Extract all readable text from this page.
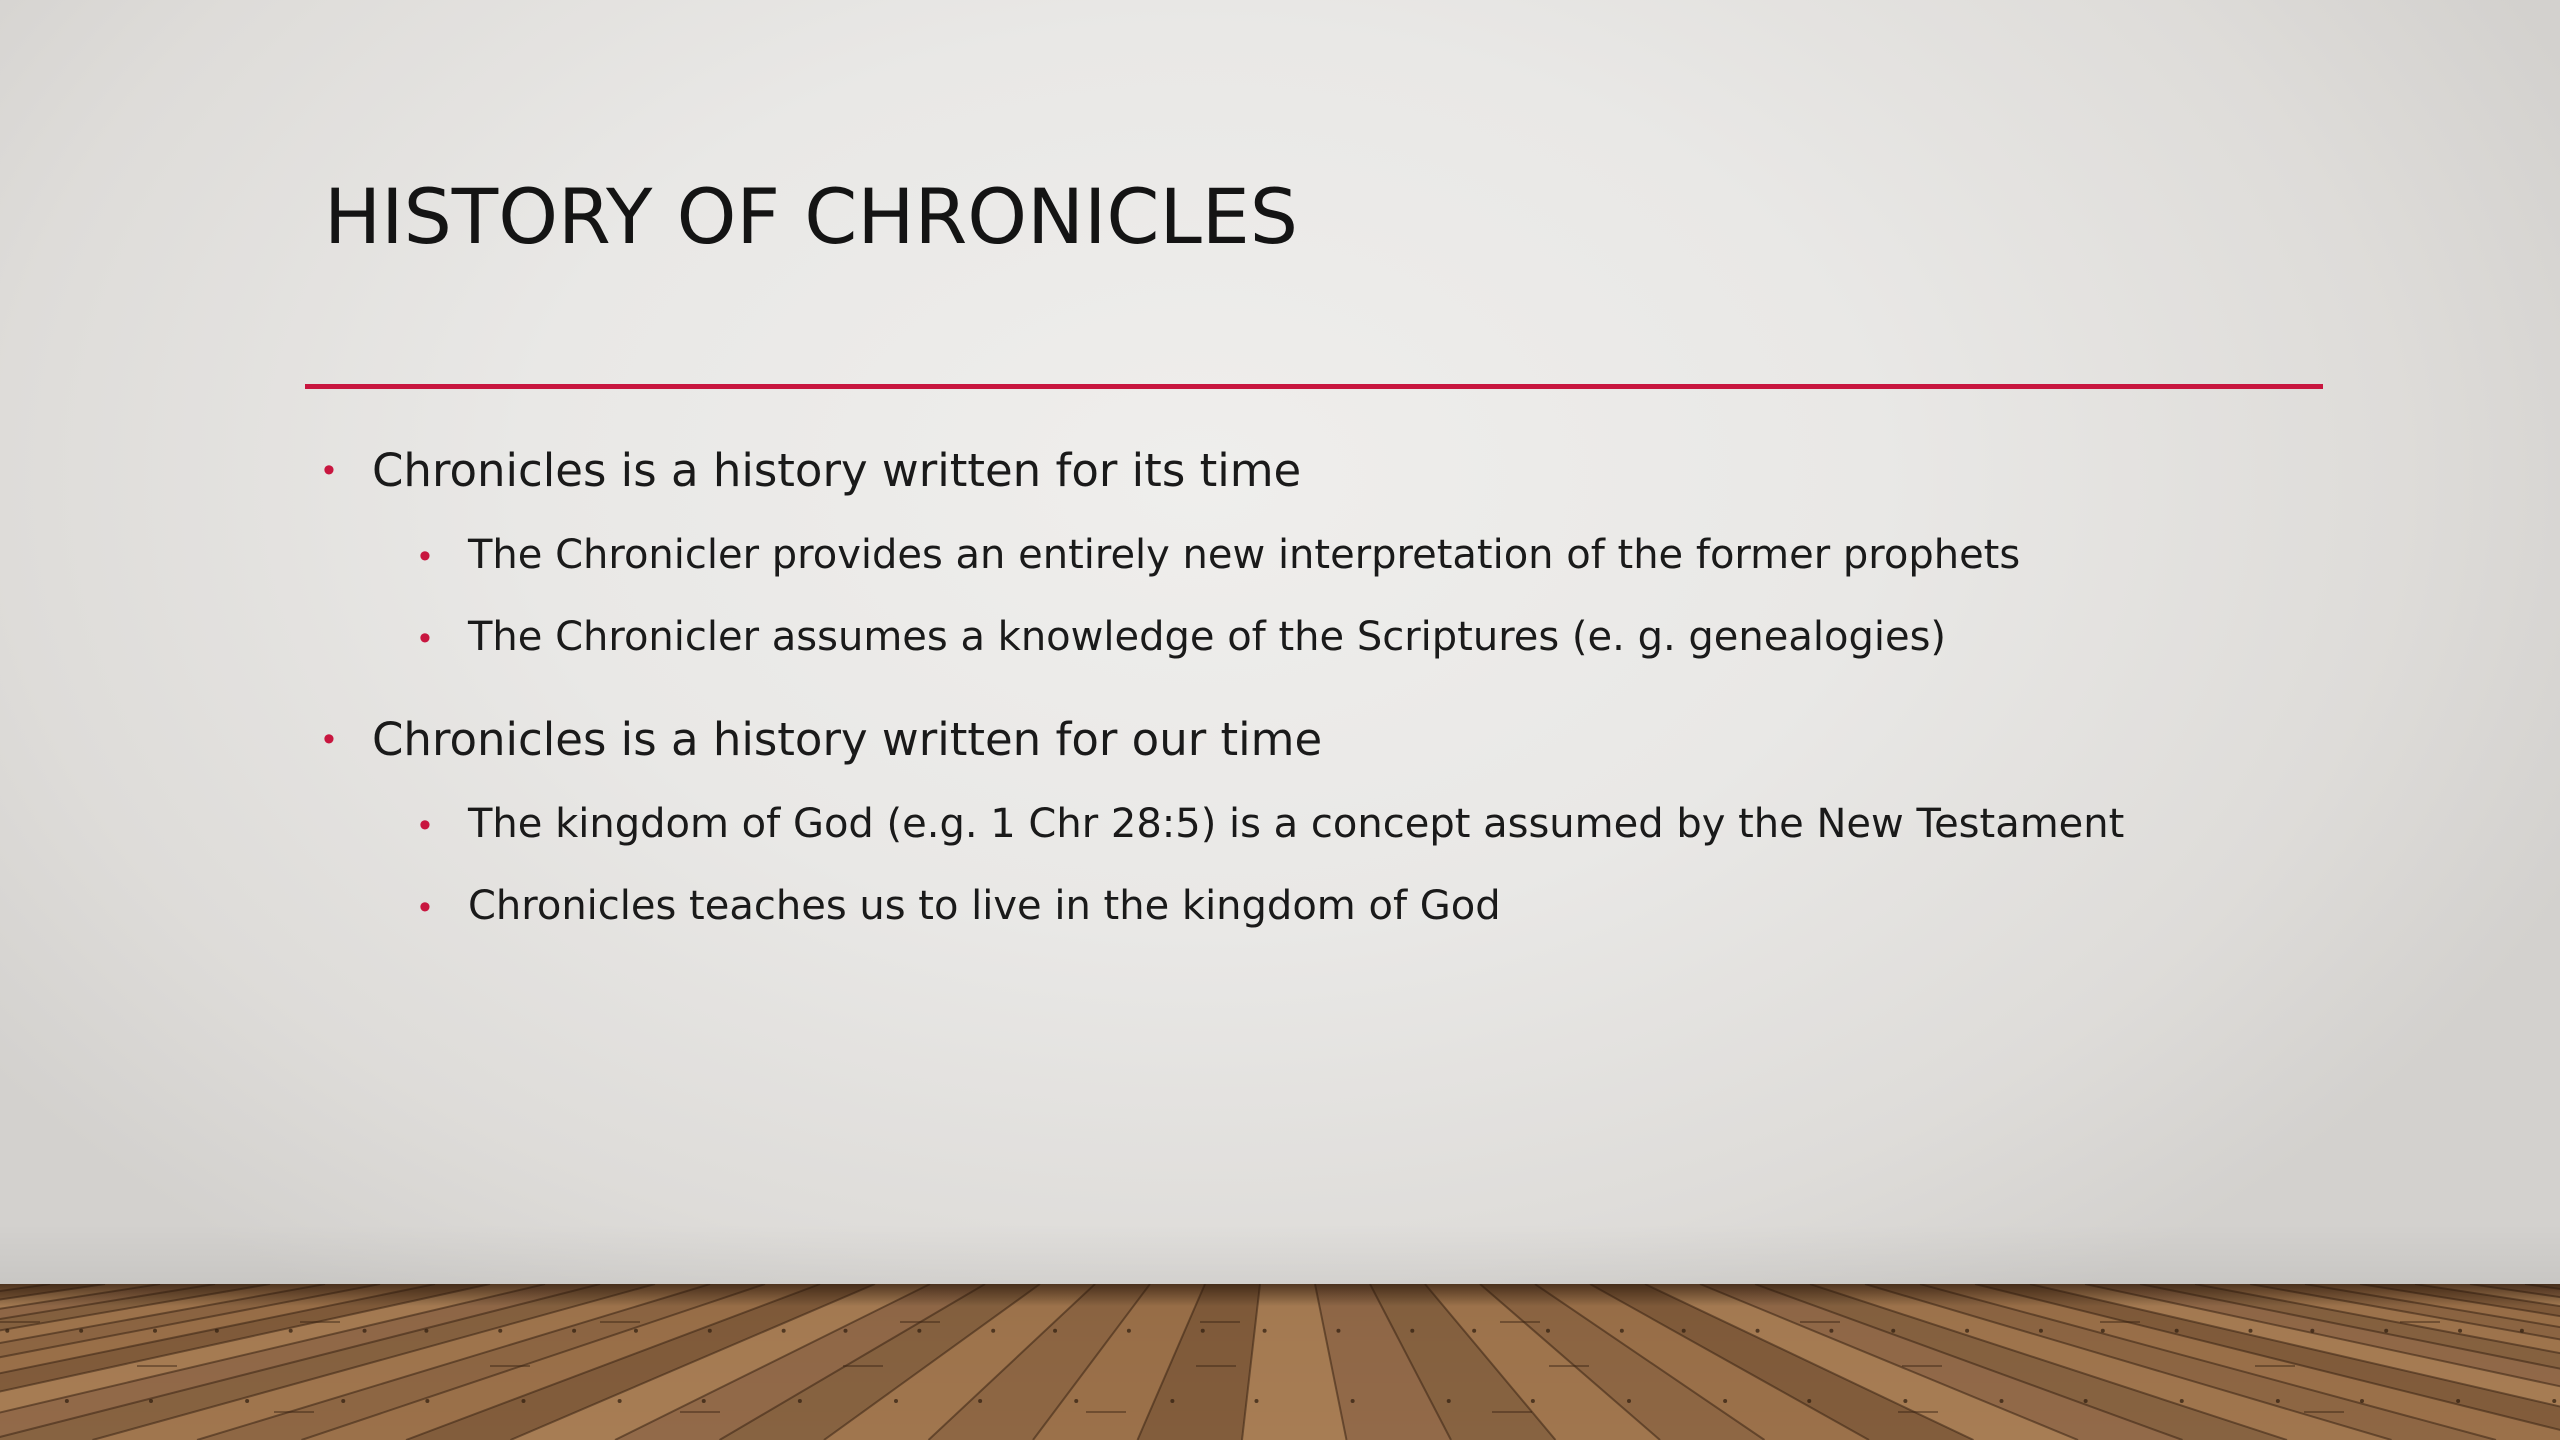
HISTORY OF CHRONICLES
• Chronicles is a history written for its time
• The Chronicler provides an entirely new interpretation of the former prophets
• The Chronicler assumes a knowledge of the Scriptures (e. g. genealogies)
• Chronicles is a history written for our time
• The kingdom of God (e.g. 1 Chr 28:5) is a concept assumed by the New Testament
• Chronicles teaches us to live in the kingdom of God
